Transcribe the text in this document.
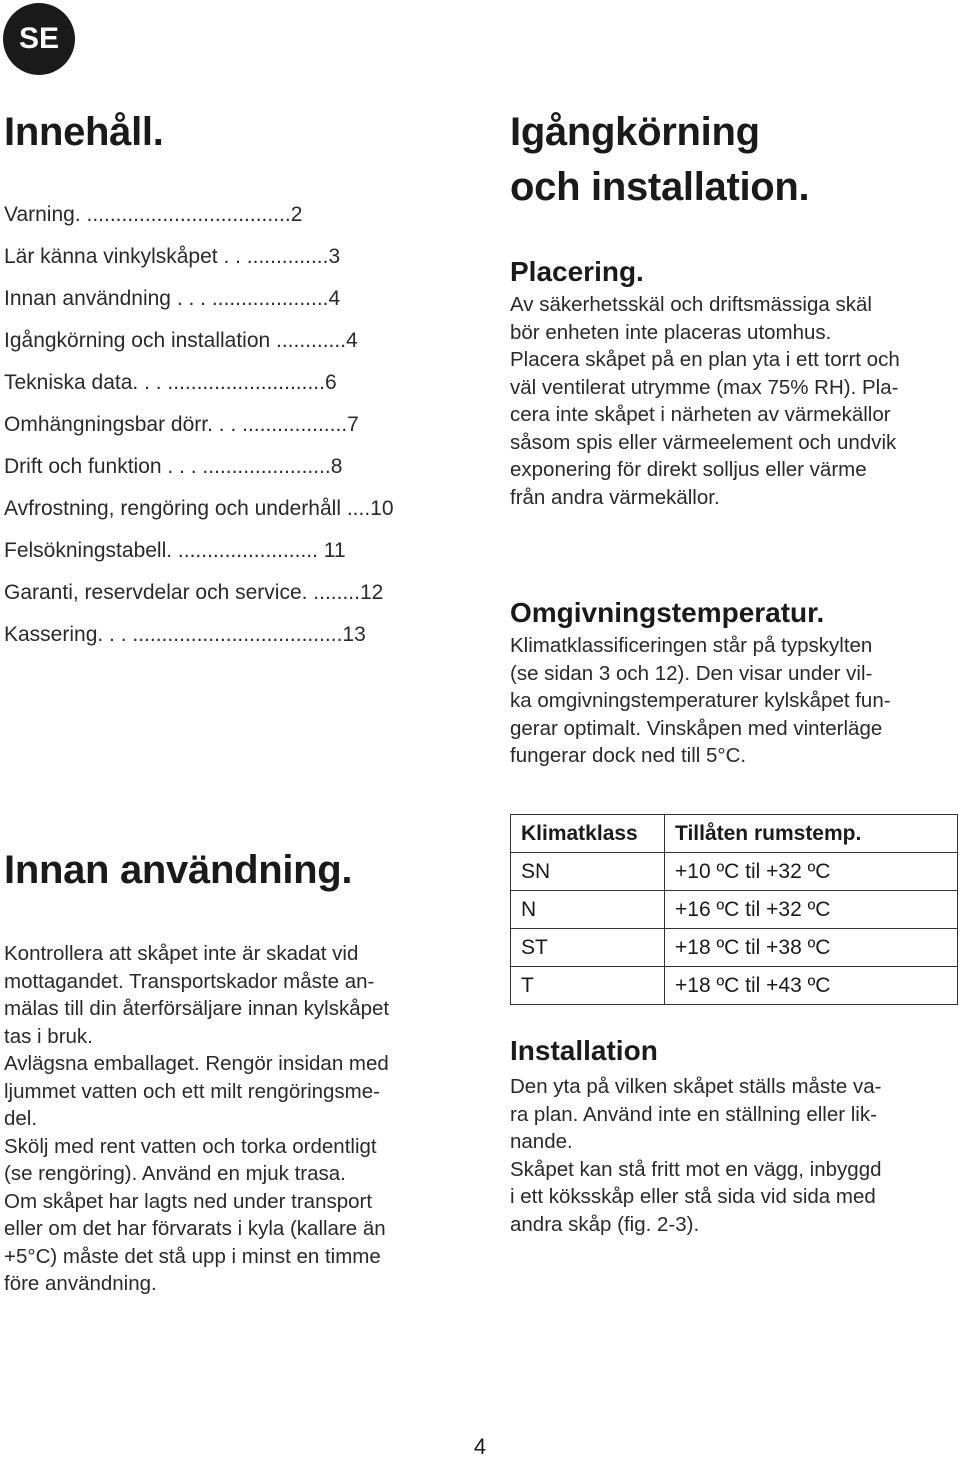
SE
Innehåll.
Varning. ...................................2
Lär känna vinkylskåpet . . ..............3
Innan användning . . . ....................4
Igångkörning och installation ............4
Tekniska data. . . ...........................6
Omhängningsbar dörr. . . ..................7
Drift och funktion . . . ......................8
Avfrostning, rengöring och underhåll ....10
Felsökningstabell. ........................ 11
Garanti, reservdelar och service. ........12
Kassering. . . ....................................13
Innan användning.
Kontrollera att skåpet inte är skadat vid
mottagandet. Transportskador måste an-
mälas till din återförsäljare innan kylskåpet
tas i bruk.
Avlägsna emballaget. Rengör insidan med
ljummet vatten och ett milt rengöringsme-
del.
Skölj med rent vatten och torka ordentligt
(se rengöring). Använd en mjuk trasa.
Om skåpet har lagts ned under transport
eller om det har förvarats i kyla (kallare än
+5°C) måste det stå upp i minst en timme
före användning.
Igångkörning
och installation.
Placering.
Av säkerhetsskäl och driftsmässiga skäl
bör enheten inte placeras utomhus.
Placera skåpet på en plan yta i ett torrt och
väl ventilerat utrymme (max 75% RH). Pla-
cera inte skåpet i närheten av värmekällor
såsom spis eller värmeelement och undvik
exponering för direkt solljus eller värme
från andra värmekällor.
Omgivningstemperatur.
Klimatklassificeringen står på typskylten
(se sidan 3 och 12). Den visar under vil-
ka omgivningstemperaturer kylskåpet fun-
gerar optimalt. Vinskåpen med vinterläge
fungerar dock ned till 5°C.
Klimatklass	Tillåten rumstemp.
SN	+10 ºC til +32 ºC
N	+16 ºC til +32 ºC
ST	+18 ºC til +38 ºC
T	+18 ºC til +43 ºC
Installation
Den yta på vilken skåpet ställs måste va-
ra plan. Använd inte en ställning eller lik-
nande.
Skåpet kan stå fritt mot en vägg, inbyggd
i ett köksskåp eller stå sida vid sida med
andra skåp (fig. 2-3).
4
